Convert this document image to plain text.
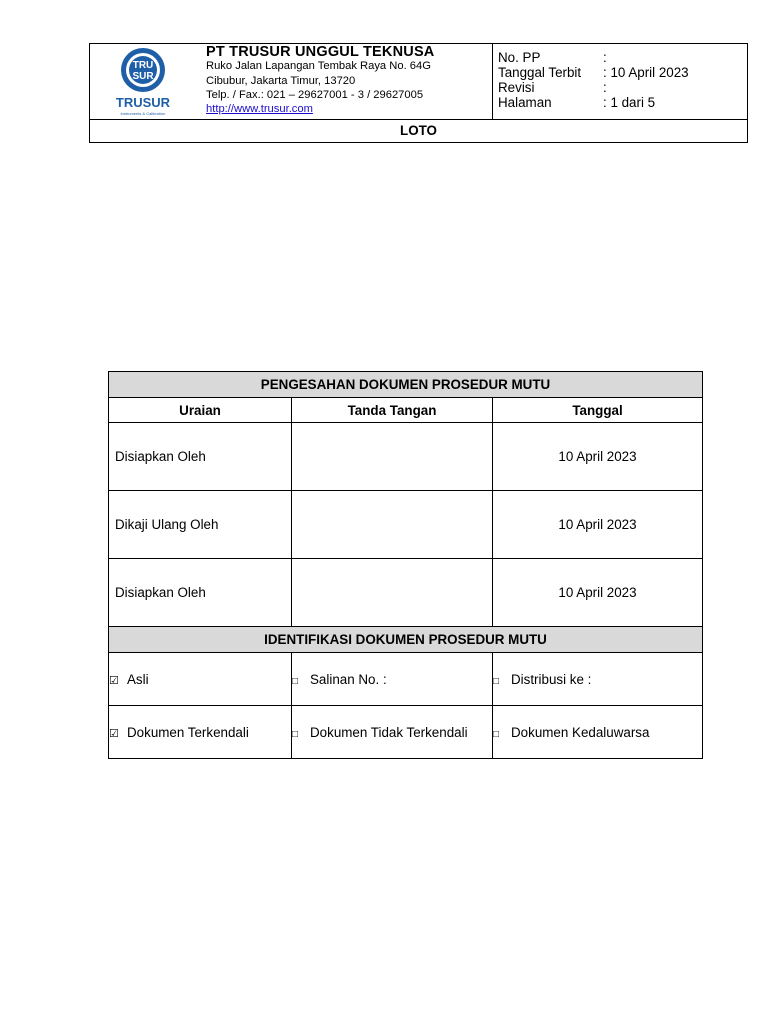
TRU
SUR
TRUSUR
instruments & Calibration
PT TRUSUR UNGGUL TEKNUSA
Ruko Jalan Lapangan Tembak Raya No. 64G
Cibubur, Jakarta Timur, 13720
Telp. / Fax.: 021 – 29627001 - 3 / 29627005
http://www.trusur.com
No. PP	:
Tanggal Terbit : 10 April 2023
Revisi	:
Halaman	: 1 dari 5
LOTO
PENGESAHAN DOKUMEN PROSEDUR MUTU		
Uraian	Tanda Tangan	Tanggal
Disiapkan Oleh		10 April 2023
Dikaji Ulang Oleh		10 April 2023
Disiapkan Oleh		10 April 2023
IDENTIFIKASI DOKUMEN PROSEDUR MUTU		
☑ Asli	□ Salinan No. :	□ Distribusi ke :
☑ Dokumen Terkendali	□ Dokumen Tidak Terkendali	□ Dokumen Kedaluwarsa
